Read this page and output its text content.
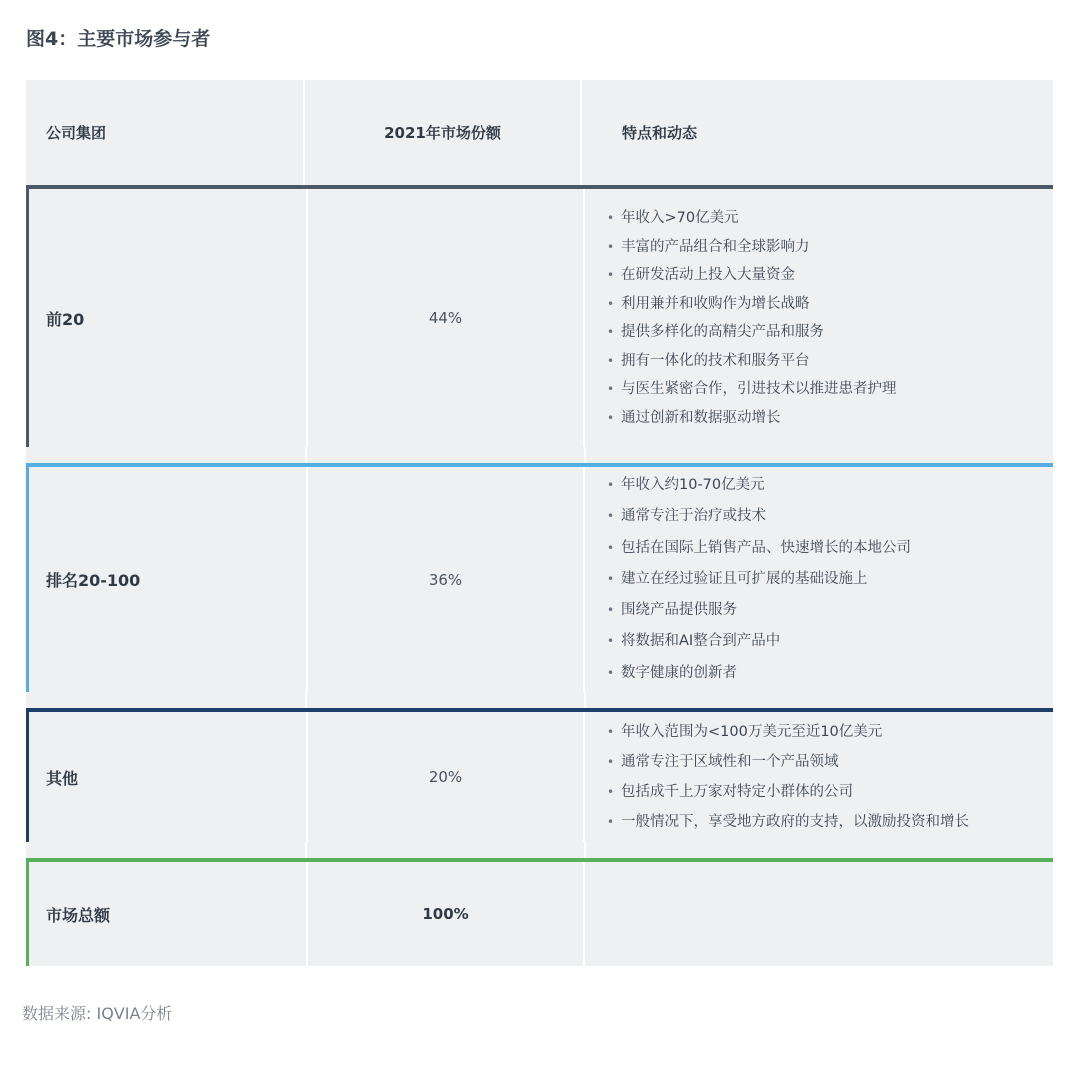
图4：主要市场参与者
公司集团	2021年市场份额	特点和动态
前20	44%
• 年收入>70亿美元
• 丰富的产品组合和全球影响力
• 在研发活动上投入大量资金
• 利用兼并和收购作为增长战略
• 提供多样化的高精尖产品和服务
• 拥有一体化的技术和服务平台
• 与医生紧密合作，引进技术以推进患者护理
• 通过创新和数据驱动增长
排名20-100	36%
• 年收入约10-70亿美元
• 通常专注于治疗或技术
• 包括在国际上销售产品、快速增长的本地公司
• 建立在经过验证且可扩展的基础设施上
• 围绕产品提供服务
• 将数据和AI整合到产品中
• 数字健康的创新者
其他	20%
• 年收入范围为<100万美元至近10亿美元
• 通常专注于区域性和一个产品领域
• 包括成千上万家对特定小群体的公司
• 一般情况下，享受地方政府的支持，以激励投资和增长
市场总额	100%

数据来源: IQVIA分析
